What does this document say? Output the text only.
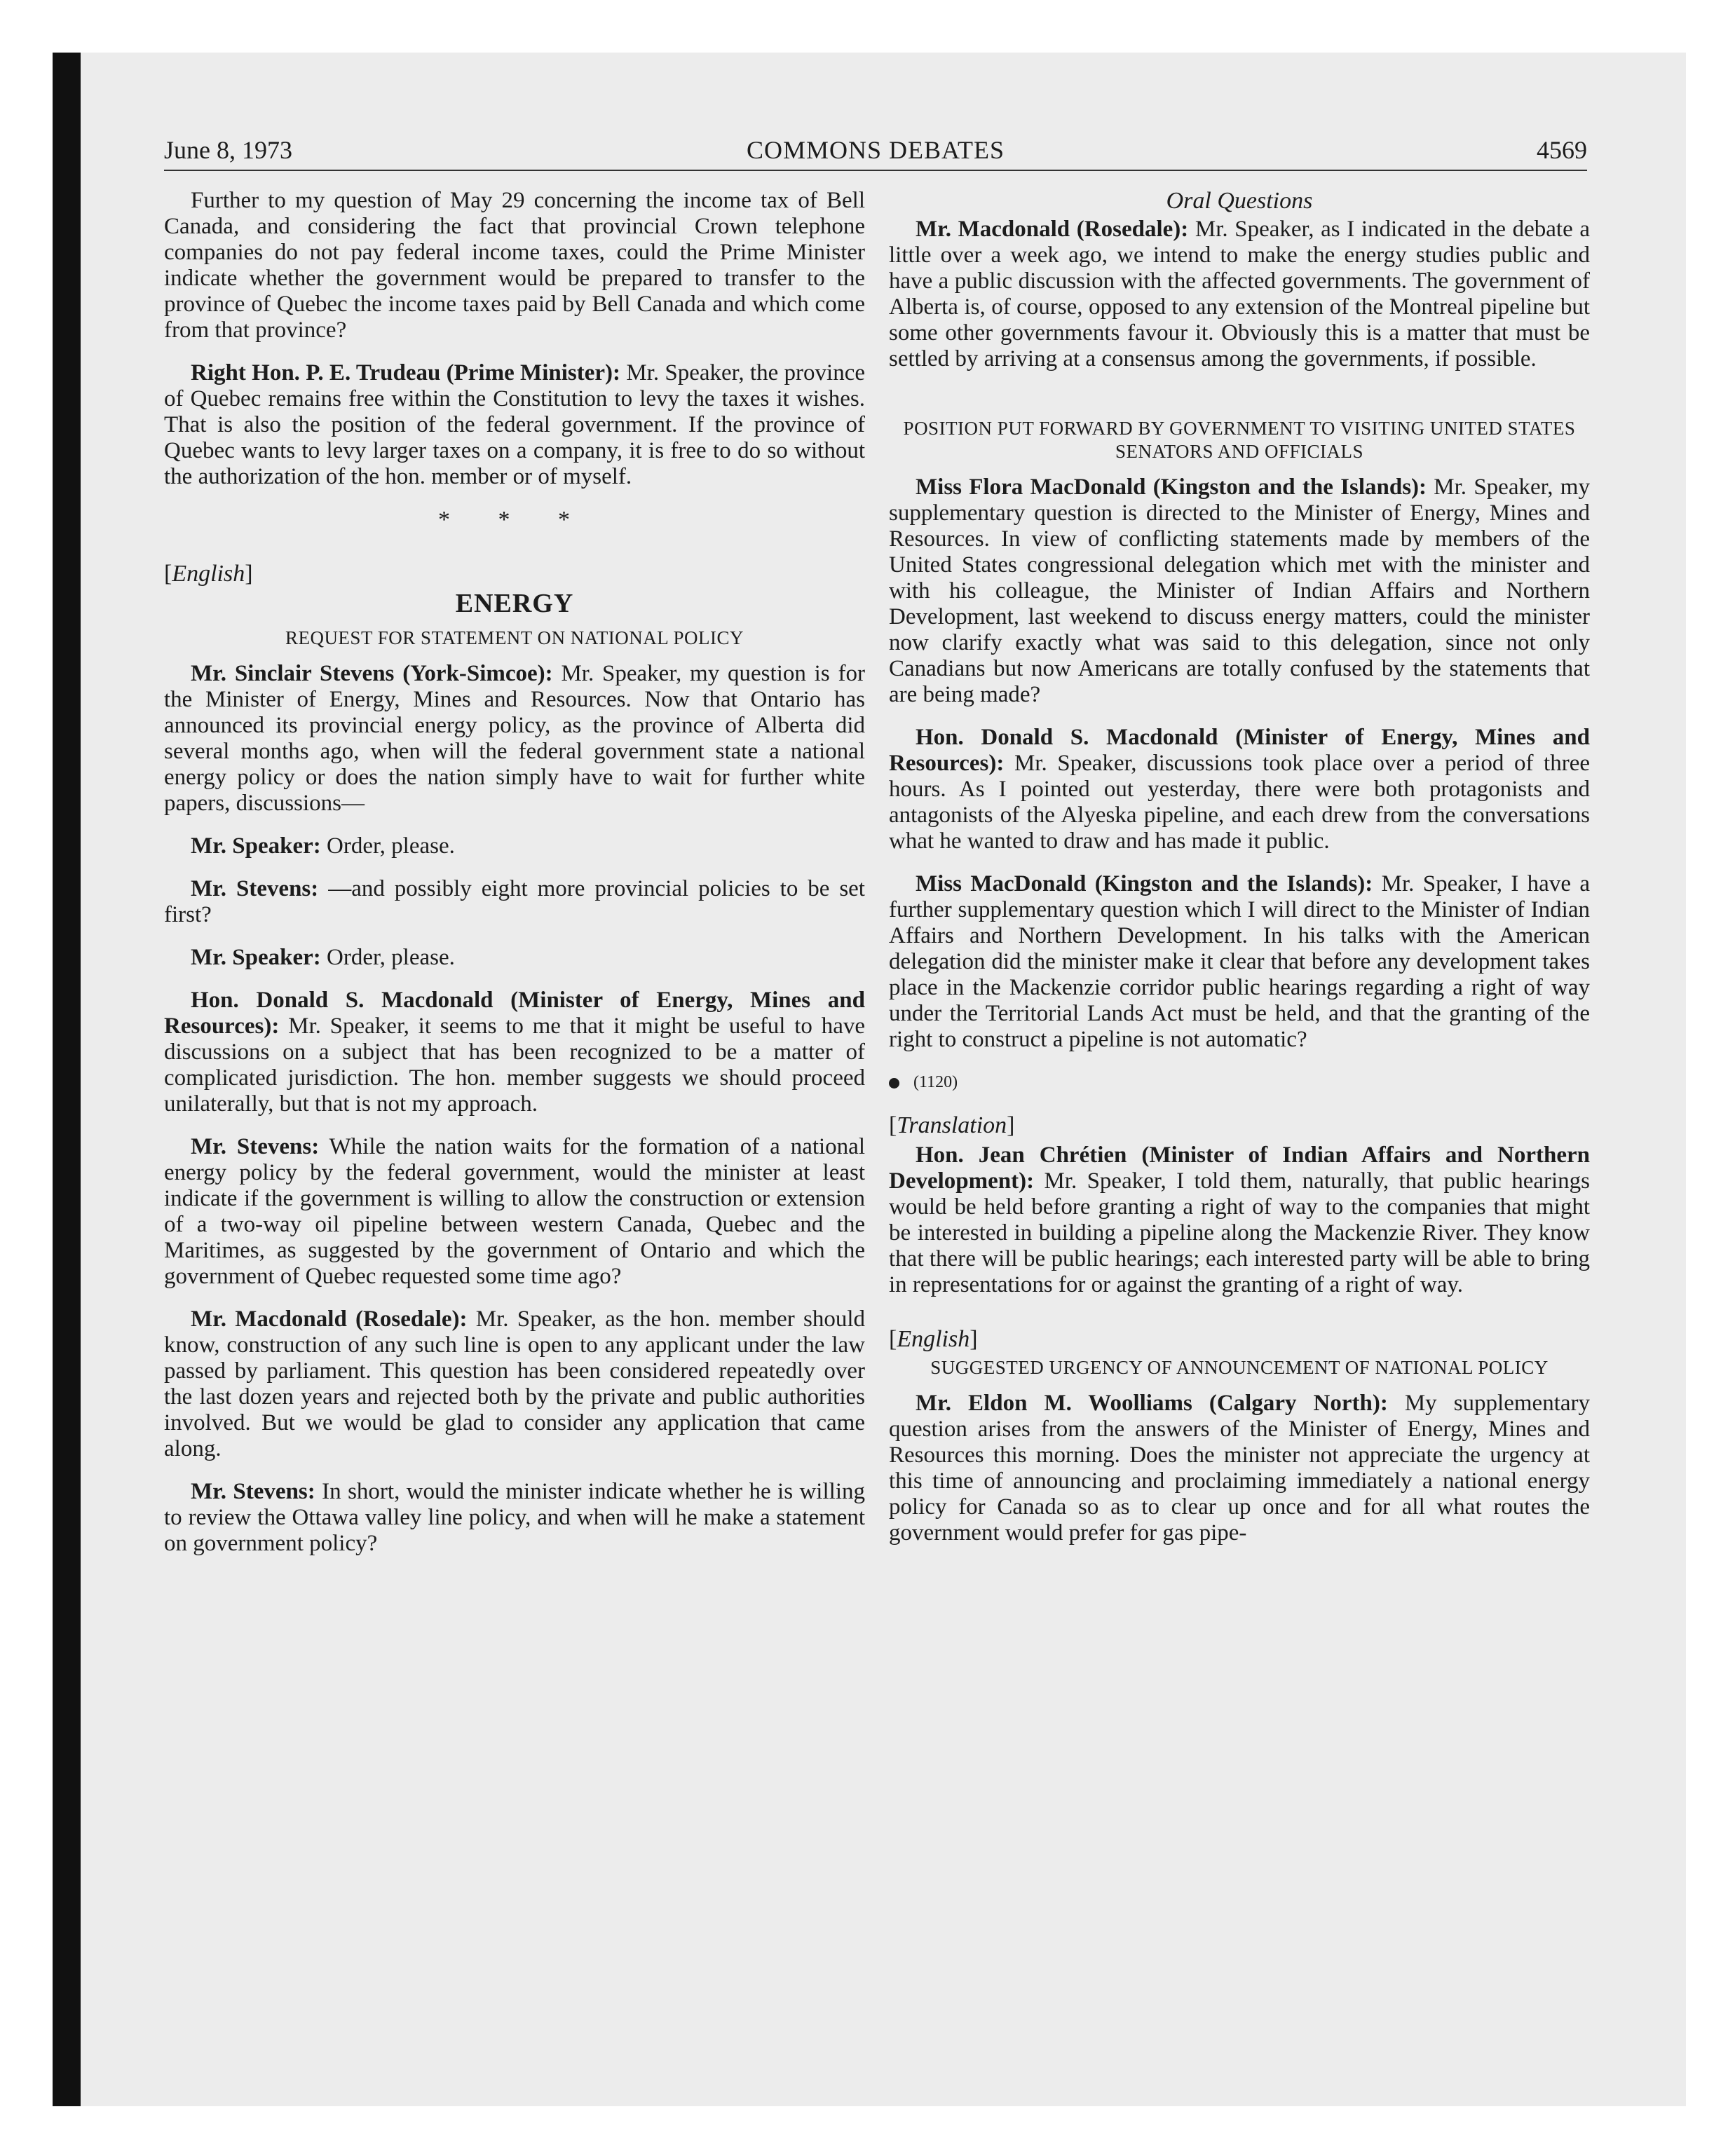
June 8, 1973	COMMONS DEBATES	4569

Further to my question of May 29 concerning the income tax of Bell Canada, and considering the fact that provincial Crown telephone companies do not pay federal income taxes, could the Prime Minister indicate whether the government would be prepared to transfer to the province of Quebec the income taxes paid by Bell Canada and which come from that province?

Right Hon. P. E. Trudeau (Prime Minister): Mr. Speaker, the province of Quebec remains free within the Constitution to levy the taxes it wishes. That is also the position of the federal government. If the province of Quebec wants to levy larger taxes on a company, it is free to do so without the authorization of the hon. member or of myself.

* * *
[English]
ENERGY
REQUEST FOR STATEMENT ON NATIONAL POLICY

Mr. Sinclair Stevens (York-Simcoe): Mr. Speaker, my question is for the Minister of Energy, Mines and Resources. Now that Ontario has announced its provincial energy policy, as the province of Alberta did several months ago, when will the federal government state a national energy policy or does the nation simply have to wait for further white papers, discussions—

Mr. Speaker: Order, please.

Mr. Stevens: —and possibly eight more provincial policies to be set first?

Mr. Speaker: Order, please.

Hon. Donald S. Macdonald (Minister of Energy, Mines and Resources): Mr. Speaker, it seems to me that it might be useful to have discussions on a subject that has been recognized to be a matter of complicated jurisdiction. The hon. member suggests we should proceed unilaterally, but that is not my approach.

Mr. Stevens: While the nation waits for the formation of a national energy policy by the federal government, would the minister at least indicate if the government is willing to allow the construction or extension of a two-way oil pipeline between western Canada, Quebec and the Maritimes, as suggested by the government of Ontario and which the government of Quebec requested some time ago?

Mr. Macdonald (Rosedale): Mr. Speaker, as the hon. member should know, construction of any such line is open to any applicant under the law passed by parliament. This question has been considered repeatedly over the last dozen years and rejected both by the private and public authorities involved. But we would be glad to consider any application that came along.

Mr. Stevens: In short, would the minister indicate whether he is willing to review the Ottawa valley line policy, and when will he make a statement on government policy?

Oral Questions

Mr. Macdonald (Rosedale): Mr. Speaker, as I indicated in the debate a little over a week ago, we intend to make the energy studies public and have a public discussion with the affected governments. The government of Alberta is, of course, opposed to any extension of the Montreal pipeline but some other governments favour it. Obviously this is a matter that must be settled by arriving at a consensus among the governments, if possible.

POSITION PUT FORWARD BY GOVERNMENT TO VISITING UNITED STATES SENATORS AND OFFICIALS

Miss Flora MacDonald (Kingston and the Islands): Mr. Speaker, my supplementary question is directed to the Minister of Energy, Mines and Resources. In view of conflicting statements made by members of the United States congressional delegation which met with the minister and with his colleague, the Minister of Indian Affairs and Northern Development, last weekend to discuss energy matters, could the minister now clarify exactly what was said to this delegation, since not only Canadians but now Americans are totally confused by the statements that are being made?

Hon. Donald S. Macdonald (Minister of Energy, Mines and Resources): Mr. Speaker, discussions took place over a period of three hours. As I pointed out yesterday, there were both protagonists and antagonists of the Alyeska pipeline, and each drew from the conversations what he wanted to draw and has made it public.

Miss MacDonald (Kingston and the Islands): Mr. Speaker, I have a further supplementary question which I will direct to the Minister of Indian Affairs and Northern Development. In his talks with the American delegation did the minister make it clear that before any development takes place in the Mackenzie corridor public hearings regarding a right of way under the Territorial Lands Act must be held, and that the granting of the right to construct a pipeline is not automatic?

(1120)
[Translation]

Hon. Jean Chrétien (Minister of Indian Affairs and Northern Development): Mr. Speaker, I told them, naturally, that public hearings would be held before granting a right of way to the companies that might be interested in building a pipeline along the Mackenzie River. They know that there will be public hearings; each interested party will be able to bring in representations for or against the granting of a right of way.

[English]
SUGGESTED URGENCY OF ANNOUNCEMENT OF NATIONAL POLICY

Mr. Eldon M. Woolliams (Calgary North): My supplementary question arises from the answers of the Minister of Energy, Mines and Resources this morning. Does the minister not appreciate the urgency at this time of announcing and proclaiming immediately a national energy policy for Canada so as to clear up once and for all what routes the government would prefer for gas pipe-
